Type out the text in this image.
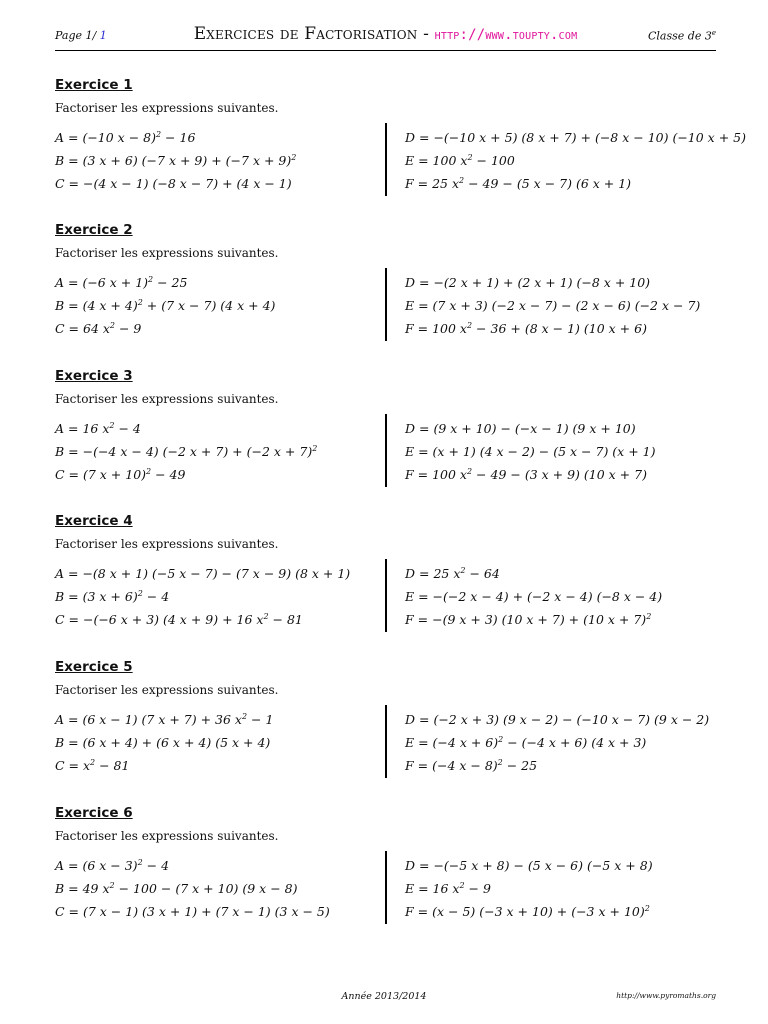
Page 1/ 1	Exercices de Factorisation - http://www.toupty.com	Classe de 3e
Exercice 1
Factoriser les expressions suivantes.
A = (−10 x − 8)$^2$ − 16
B = (3 x + 6) (−7 x + 9) + (−7 x + 9)$^2$
C = −(4 x − 1) (−8 x − 7) + (4 x − 1)
D = −(−10 x + 5) (8 x + 7) + (−8 x − 10) (−10 x + 5)
E = 100 $x^2 - 100$
F = 25 $x^2 - 49 - (5$ x − 7) (6 x + 1)
Exercice 2
Factoriser les expressions suivantes.
A = (−6 x + 1)$^2$ − 25
B = (4 x + 4)$^2$ + (7 x − 7) (4 x + 4)
C = 64 $x^2 - 9$
D = −(2 x + 1) + (2 x + 1) (−8 x + 10)
E = (7 x + 3) (−2 x − 7) − (2 x − 6) (−2 x − 7)
F = 100 $x^2 - 36 + (8$ x − 1) (10 x + 6)
Exercice 3
Factoriser les expressions suivantes.
A = 16 $x^2 - 4$
B = −(−4 x − 4) (−2 x + 7) + (−2 x + 7)$^2$
C = (7 x + 10)$^2$ − 49
D = (9 x + 10) − (−x − 1) (9 x + 10)
E = (x + 1) (4 x − 2) − (5 x − 7) (x + 1)
F = 100 $x^2 - 49 - (3$ x + 9) (10 x + 7)
Exercice 4
Factoriser les expressions suivantes.
A = −(8 x + 1) (−5 x − 7) − (7 x − 9) (8 x + 1)
B = (3 x + 6)$^2$ − 4
C = −(−6 x + 3) (4 x + 9) + 16 $x^2 - 81$
D = 25 $x^2 - 64$
E = −(−2 x − 4) + (−2 x − 4) (−8 x − 4)
F = −(9 x + 3) (10 x + 7) + (10 x + 7)$^2$
Exercice 5
Factoriser les expressions suivantes.
A = (6 x − 1) (7 x + 7) + 36 $x^2 - 1$
B = (6 x + 4) + (6 x + 4) (5 x + 4)
$C = x^2 - 81$
D = (−2 x + 3) (9 x − 2) − (−10 x − 7) (9 x − 2)
E = (−4 x + 6)$^2$ − (−4 x + 6) (4 x + 3)
F = (−4 x − 8)$^2$ − 25
Exercice 6
Factoriser les expressions suivantes.
A = (6 x − 3)$^2$ − 4
B = 49 $x^2 - 100 - (7$ x + 10) (9 x − 8)
C = (7 x − 1) (3 x + 1) + (7 x − 1) (3 x − 5)
D = −(−5 x + 8) − (5 x − 6) (−5 x + 8)
E = 16 $x^2 - 9$
F = (x − 5) (−3 x + 10) + (−3 x + 10)$^2$
Année 2013/2014	http://www.pyromaths.org
